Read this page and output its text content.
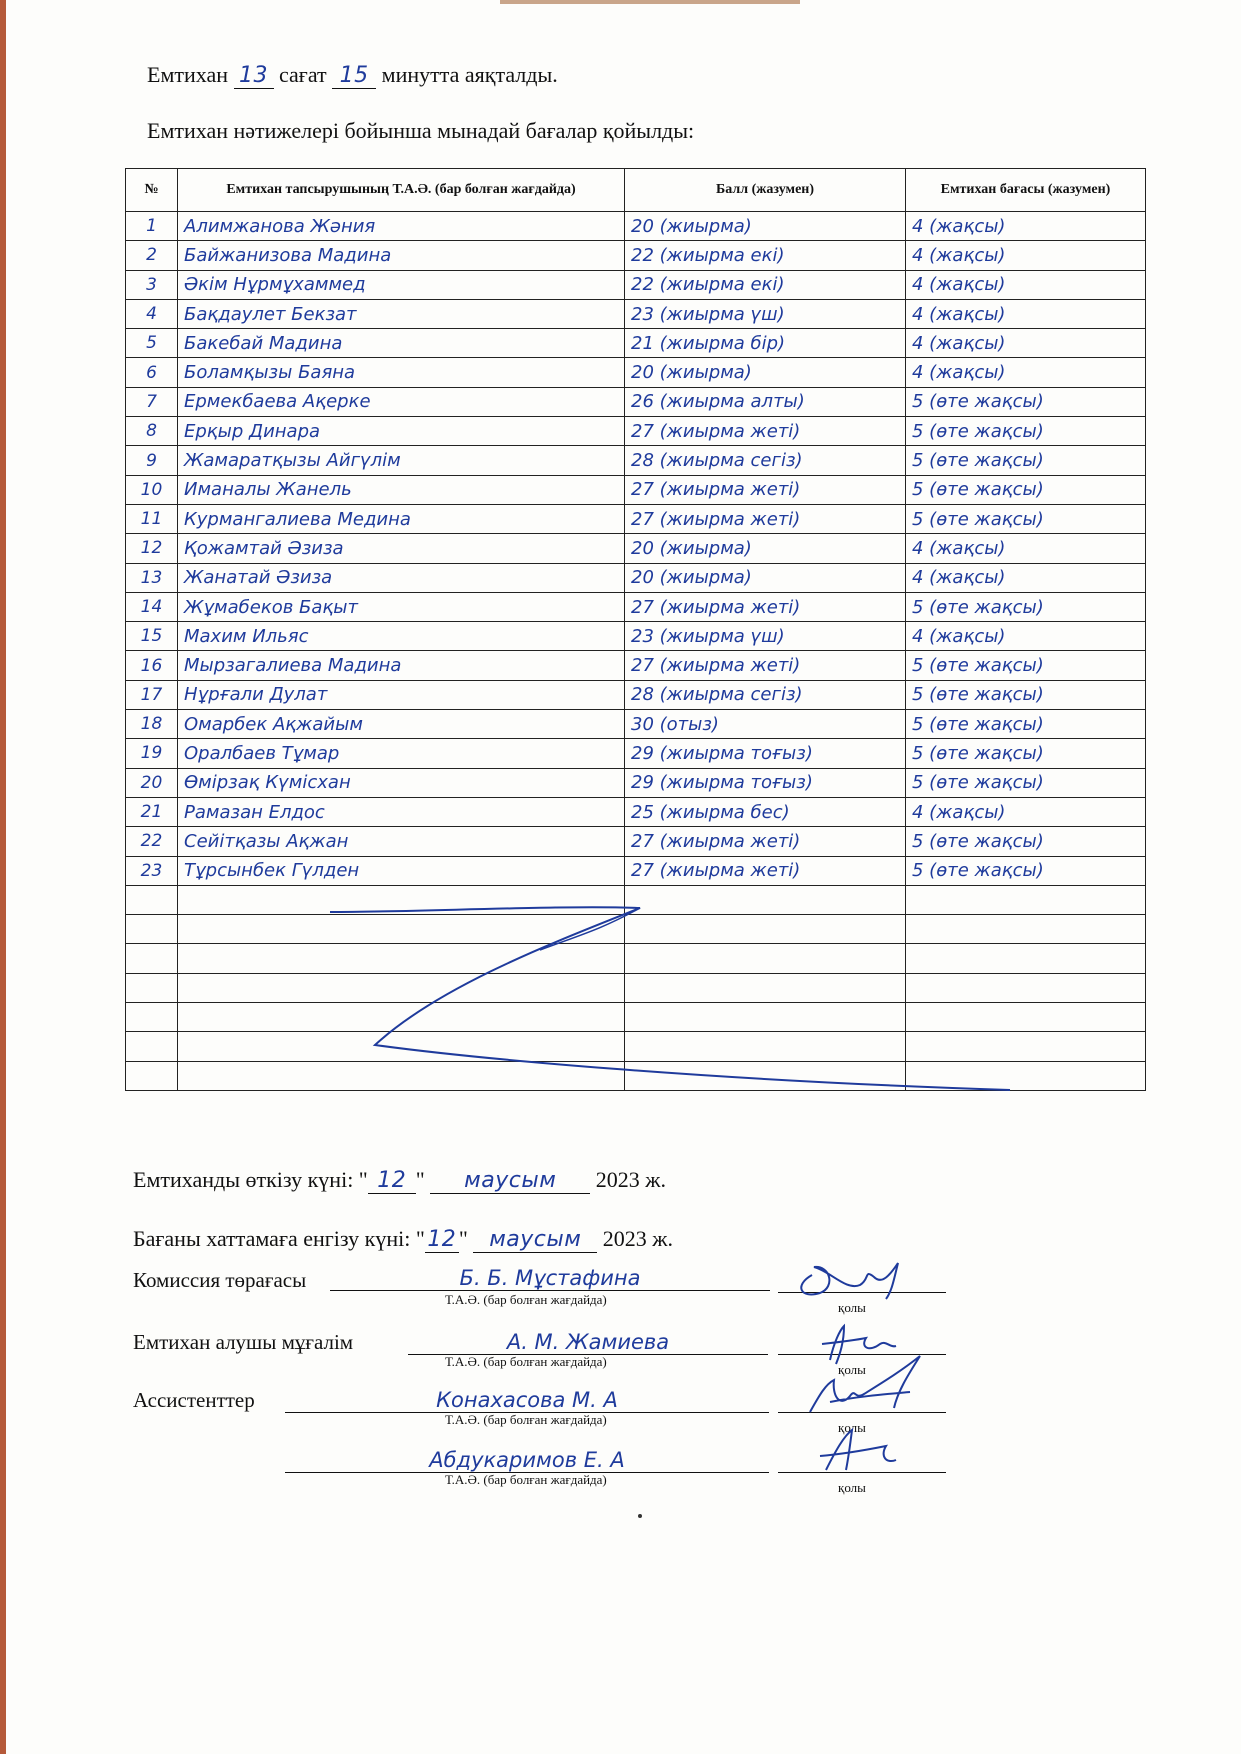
Емтихан 13 сағат 15 минутта аяқталды.
Емтихан нәтижелері бойынша мынадай бағалар қойылды:
№	Емтихан тапсырушының Т.А.Ә. (бар болған жағдайда)	Балл (жазумен)	Емтихан бағасы (жазумен)
1	Алимжанова Жәния	20 (жиырма)	4 (жақсы)
2	Байжанизова Мадина	22 (жиырма екі)	4 (жақсы)
3	Әкім Нұрмұхаммед	22 (жиырма екі)	4 (жақсы)
4	Бақдаулет Бекзат	23 (жиырма үш)	4 (жақсы)
5	Бакебай Мадина	21 (жиырма бір)	4 (жақсы)
6	Боламқызы Баяна	20 (жиырма)	4 (жақсы)
7	Ермекбаева Ақерке	26 (жиырма алты)	5 (өте жақсы)
8	Ерқыр Динара	27 (жиырма жеті)	5 (өте жақсы)
9	Жамаратқызы Айгүлім	28 (жиырма сегіз)	5 (өте жақсы)
10	Иманалы Жанель	27 (жиырма жеті)	5 (өте жақсы)
11	Курмангалиева Медина	27 (жиырма жеті)	5 (өте жақсы)
12	Қожамтай Әзиза	20 (жиырма)	4 (жақсы)
13	Жанатай Әзиза	20 (жиырма)	4 (жақсы)
14	Жұмабеков Бақыт	27 (жиырма жеті)	5 (өте жақсы)
15	Махим Ильяс	23 (жиырма үш)	4 (жақсы)
16	Мырзагалиева Мадина	27 (жиырма жеті)	5 (өте жақсы)
17	Нұрғали Дулат	28 (жиырма сегіз)	5 (өте жақсы)
18	Омарбек Ақжайым	30 (отыз)	5 (өте жақсы)
19	Оралбаев Тұмар	29 (жиырма тоғыз)	5 (өте жақсы)
20	Өмірзақ Күмісхан	29 (жиырма тоғыз)	5 (өте жақсы)
21	Рамазан Елдос	25 (жиырма бес)	4 (жақсы)
22	Сейітқазы Ақжан	27 (жиырма жеті)	5 (өте жақсы)
23	Тұрсынбек Гүлден	27 (жиырма жеті)	5 (өте жақсы)

Емтиханды өткізу күні: " 12 " маусым 2023 ж.
Бағаны хаттамаға енгізу күні: " 12 " маусым 2023 ж.
Комиссия төрағасы	Б. Б. Мұстафина
Т.А.Ә. (бар болған жағдайда)
қолы
Емтихан алушы мұғалім	А. М. Жамиева
Т.А.Ә. (бар болған жағдайда)
қолы
Ассистенттер	Конахасова М. А
Т.А.Ә. (бар болған жағдайда)
қолы
Абдукаримов Е. А
Т.А.Ә. (бар болған жағдайда)
қолы
